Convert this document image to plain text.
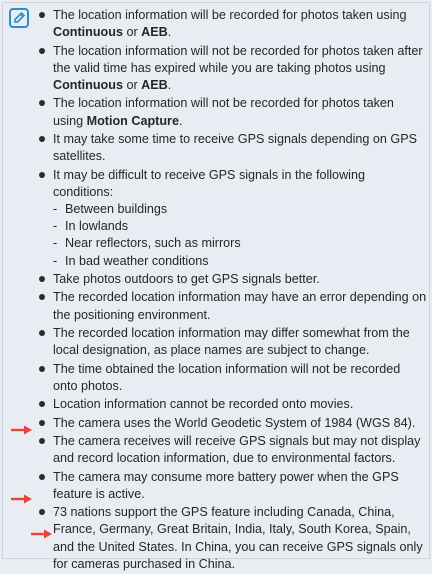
The location information will be recorded for photos taken using Continuous or AEB.
The location information will not be recorded for photos taken after the valid time has expired while you are taking photos using Continuous or AEB.
The location information will not be recorded for photos taken using Motion Capture.
It may take some time to receive GPS signals depending on GPS satellites.
It may be difficult to receive GPS signals in the following conditions:
- Between buildings
- In lowlands
- Near reflectors, such as mirrors
- In bad weather conditions
Take photos outdoors to get GPS signals better.
The recorded location information may have an error depending on the positioning environment.
The recorded location information may differ somewhat from the local designation, as place names are subject to change.
The time obtained the location information will not be recorded onto photos.
Location information cannot be recorded onto movies.
The camera uses the World Geodetic System of 1984 (WGS 84).
The camera receives will receive GPS signals but may not display and record location information, due to environmental factors.
The camera may consume more battery power when the GPS feature is active.
73 nations support the GPS feature including Canada, China, France, Germany, Great Britain, India, Italy, South Korea, Spain, and the United States. In China, you can receive GPS signals only for cameras purchased in China.
